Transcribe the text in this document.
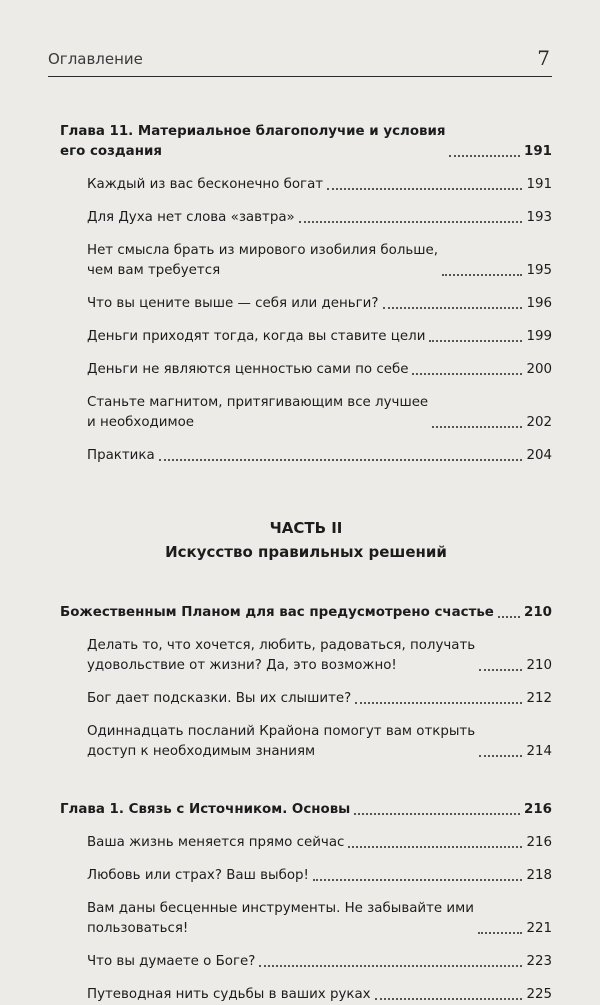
Оглавление	7
Глава 11. Материальное благополучие и условия
его создания	191
Каждый из вас бесконечно богат	191
Для Духа нет слова «завтра»	193
Нет смысла брать из мирового изобилия больше,
чем вам требуется	195
Что вы цените выше — себя или деньги?	196
Деньги приходят тогда, когда вы ставите цели	199
Деньги не являются ценностью сами по себе	200
Станьте магнитом, притягивающим все лучшее
и необходимое	202
Практика	204
ЧАСТЬ II
Искусство правильных решений
Божественным Планом для вас предусмотрено счастье 210
Делать то, что хочется, любить, радоваться, получать
удовольствие от жизни? Да, это возможно!	210
Бог дает подсказки. Вы их слышите?	212
Одиннадцать посланий Крайона помогут вам открыть
доступ к необходимым знаниям	214
Глава 1. Связь с Источником. Основы	216
Ваша жизнь меняется прямо сейчас	216
Любовь или страх? Ваш выбор!	218
Вам даны бесценные инструменты. Не забывайте ими
пользоваться!	221
Что вы думаете о Боге?	223
Путеводная нить судьбы в ваших руках	225
